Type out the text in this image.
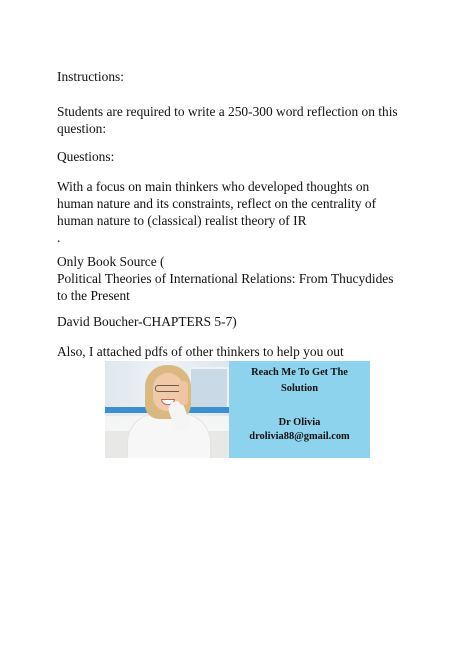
Instructions:
Students are required to write a 250-300 word reflection on this
question:
Questions:
With a focus on main thinkers who developed thoughts on
human nature and its constraints, reflect on the centrality of
human nature to (classical) realist theory of IR
.
Only Book Source (
Political Theories of International Relations: From Thucydides
to the Present
David Boucher-CHAPTERS 5-7)
Also, I attached pdfs of other thinkers to help you out
Reach Me To Get The
Solution
Dr Olivia
drolivia88@gmail.com
